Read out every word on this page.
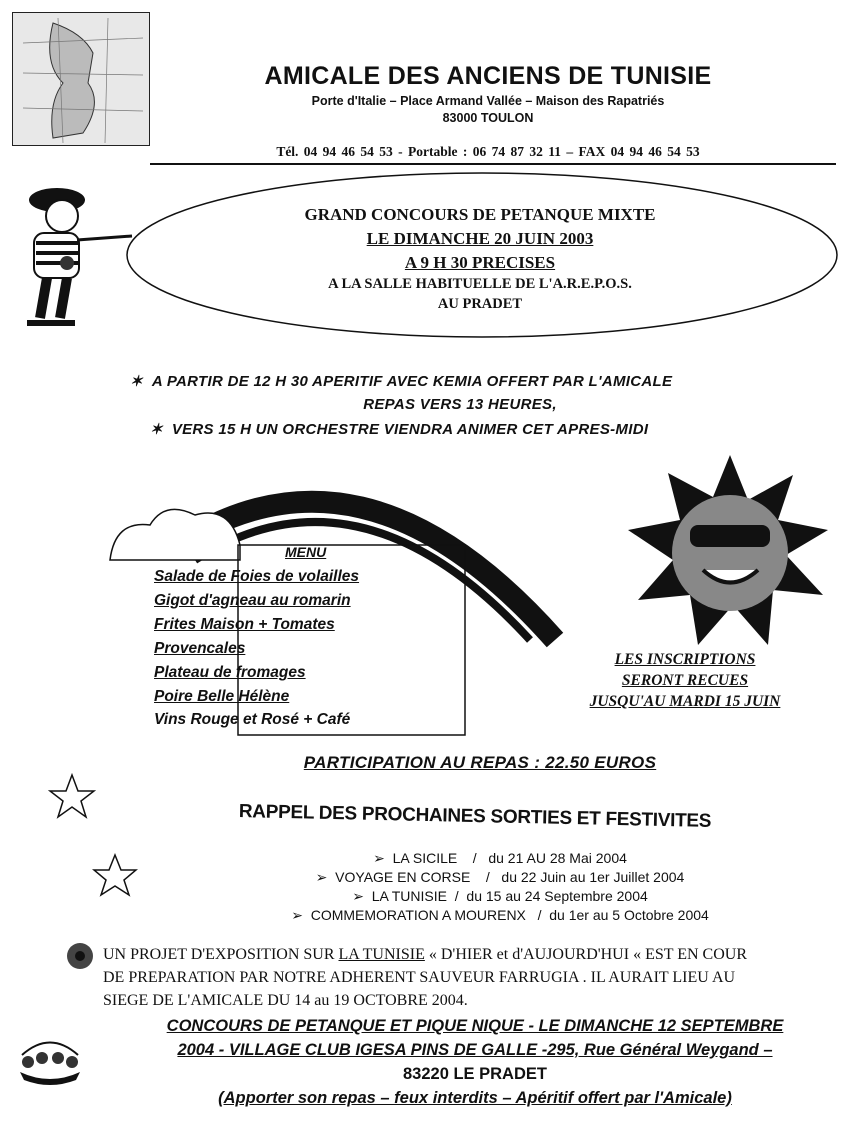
AMICALE DES ANCIENS DE TUNISIE
Porte d'Italie – Place Armand Vallée – Maison des Rapatriés
83000 TOULON
Tél. 04 94 46 54 53 - Portable : 06 74 87 32 11 – FAX 04 94 46 54 53
GRAND CONCOURS DE PETANQUE MIXTE
LE DIMANCHE 20 JUIN 2003
A 9 H 30 PRECISES
A LA SALLE HABITUELLE DE L'A.R.E.P.O.S.
AU PRADET
✶ A PARTIR DE 12 H 30 APERITIF AVEC KEMIA OFFERT PAR L'AMICALE
REPAS VERS 13 HEURES,
✶ VERS 15 H UN ORCHESTRE VIENDRA ANIMER CET APRES-MIDI
MENU
Salade de Foies de volailles
Gigot d'agneau au romarin
Frites Maison + Tomates
Provencales
Plateau de fromages
Poire Belle Hélène
Vins Rouge et Rosé + Café
LES INSCRIPTIONS
SERONT RECUES
JUSQU'AU MARDI 15 JUIN
PARTICIPATION AU REPAS : 22.50 EUROS
RAPPEL DES PROCHAINES SORTIES ET FESTIVITES
➢  LA SICILE    /   du 21 AU 28 Mai 2004
➢  VOYAGE EN CORSE    /   du 22 Juin au 1er Juillet 2004
➢  LA TUNISIE  /  du 15 au 24 Septembre 2004
➢  COMMEMORATION A MOURENX   /  du 1er au 5 Octobre 2004
UN PROJET D'EXPOSITION SUR LA TUNISIE « D'HIER et d'AUJOURD'HUI « EST EN COUR
DE PREPARATION PAR NOTRE ADHERENT SAUVEUR FARRUGIA . IL AURAIT LIEU AU
SIEGE DE L'AMICALE DU 14 au 19 OCTOBRE 2004.
CONCOURS DE PETANQUE ET PIQUE NIQUE - LE DIMANCHE 12 SEPTEMBRE
2004 - VILLAGE CLUB IGESA PINS DE GALLE -295, Rue Général Weygand –
83220 LE PRADET
(Apporter son repas – feux interdits – Apéritif offert par l'Amicale)
